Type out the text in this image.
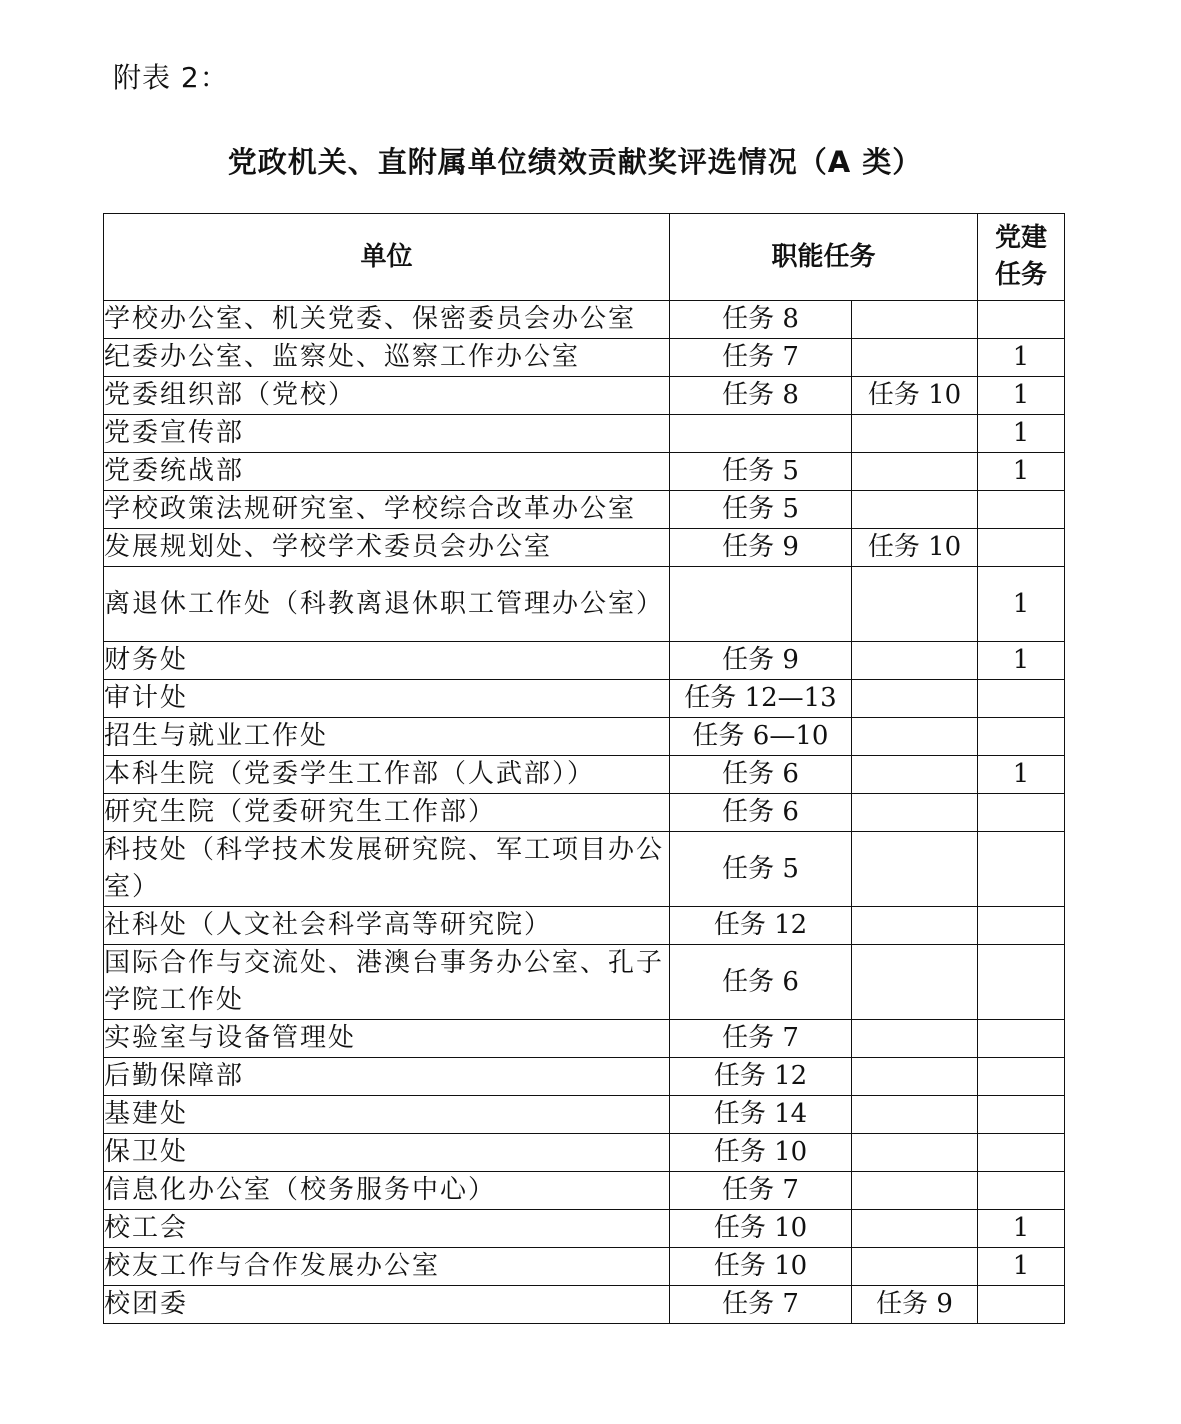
附表 2：
党政机关、直附属单位绩效贡献奖评选情况（A 类）
单位	职能任务		党建
任务
学校办公室、机关党委、保密委员会办公室	任务 8		
纪委办公室、监察处、巡察工作办公室	任务 7		1
党委组织部（党校）	任务 8	任务 10	1
党委宣传部			1
党委统战部	任务 5		1
学校政策法规研究室、学校综合改革办公室	任务 5		
发展规划处、学校学术委员会办公室	任务 9	任务 10	
离退休工作处（科教离退休职工管理办公室）			1
财务处	任务 9		1
审计处	任务 12—13		
招生与就业工作处	任务 6—10		
本科生院（党委学生工作部（人武部））	任务 6		1
研究生院（党委研究生工作部）	任务 6		
科技处（科学技术发展研究院、军工项目办公室）	任务 5		
社科处（人文社会科学高等研究院）	任务 12		
国际合作与交流处、港澳台事务办公室、孔子学院工作处	任务 6		
实验室与设备管理处	任务 7		
后勤保障部	任务 12		
基建处	任务 14		
保卫处	任务 10		
信息化办公室（校务服务中心）	任务 7		
校工会	任务 10		1
校友工作与合作发展办公室	任务 10		1
校团委	任务 7	任务 9	
